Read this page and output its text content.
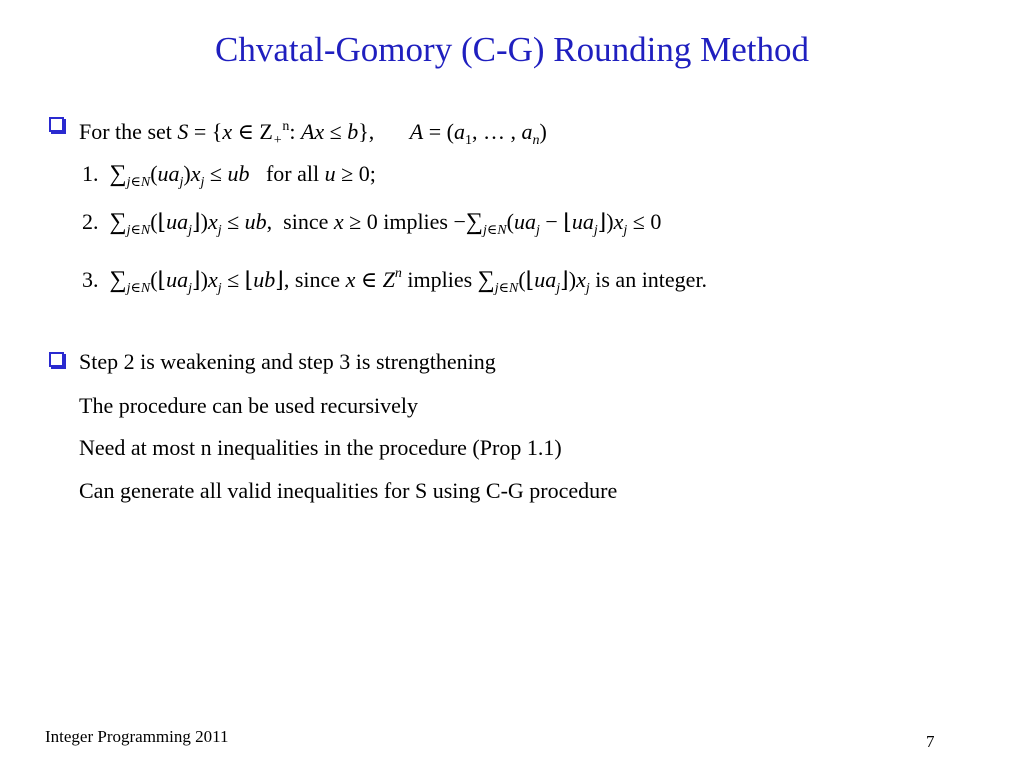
Chvatal-Gomory (C-G) Rounding Method
For the set S = {x ∈ $Z_+^n$: Ax ≤ b}, $A = (a_1$, … , $a_n$)
1. $\sum_{j\in N}(ua_j)x_j$ ≤ ub for all u ≥ 0;
2. $\sum_{j\in N}(⌊ua_j⌋)x_j$ ≤ ub, since x ≥ 0 implies $-\sum_{j\in N}(ua_j$ − $⌊ua_j⌋)x_j \le 0$
3. $\sum_{j\in N}(⌊ua_j⌋)x_j$ ≤ ⌊ub⌋, since x ∈ $Z^n$ implies $\sum_{j\in N}(⌊ua_j⌋)x_j$ is an integer.
Step 2 is weakening and step 3 is strengthening
The procedure can be used recursively
Need at most n inequalities in the procedure (Prop 1.1)
Can generate all valid inequalities for S using C-G procedure
Integer Programming 2011	7
